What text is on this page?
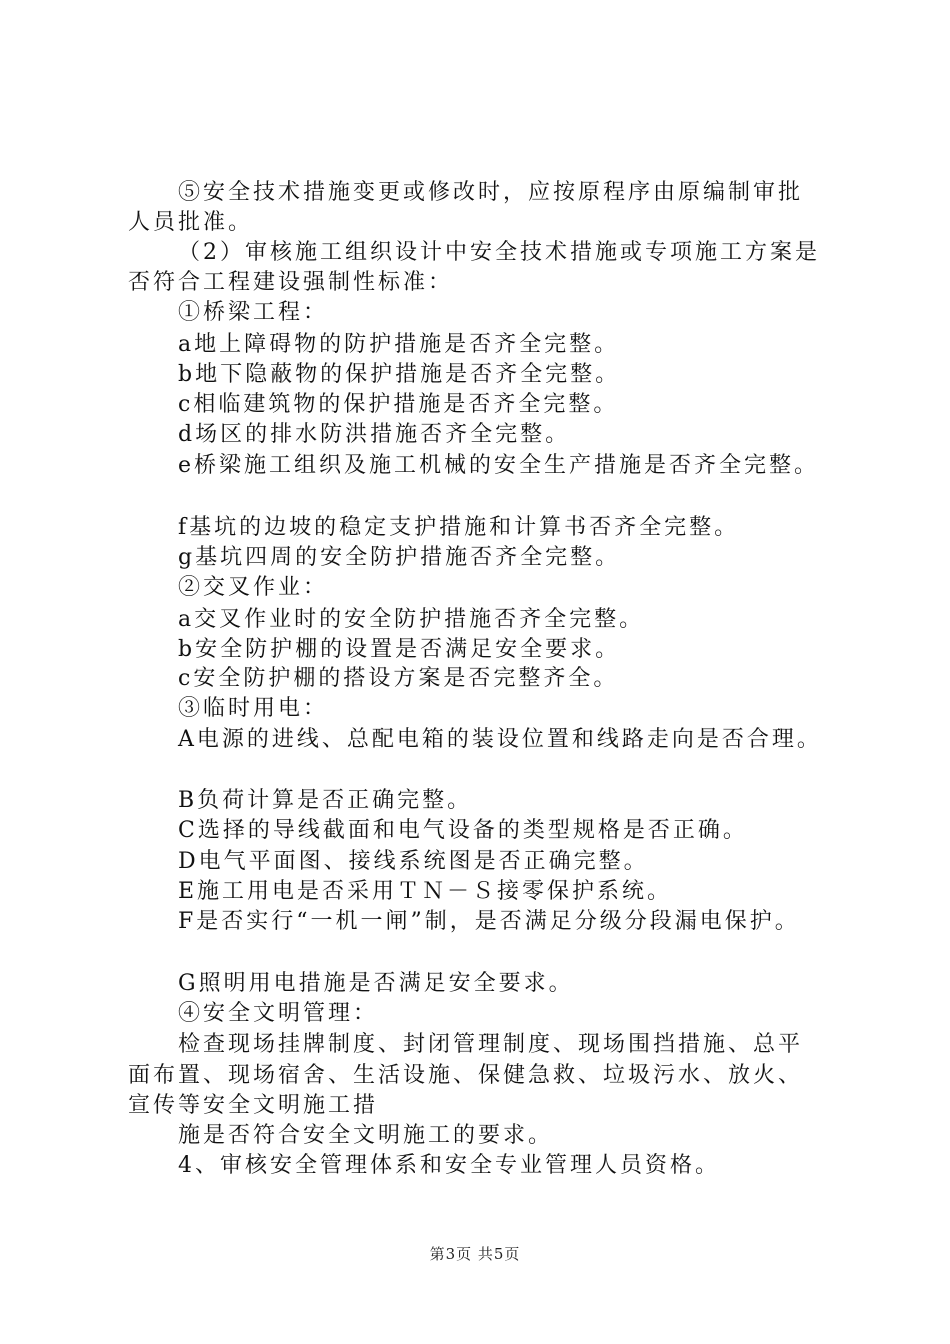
⑤安全技术措施变更或修改时，应按原程序由原编制审批
人员批准。
（2）审核施工组织设计中安全技术措施或专项施工方案是
否符合工程建设强制性标准：
①桥梁工程：
a地上障碍物的防护措施是否齐全完整。
b地下隐蔽物的保护措施是否齐全完整。
c相临建筑物的保护措施是否齐全完整。
d场区的排水防洪措施否齐全完整。
e桥梁施工组织及施工机械的安全生产措施是否齐全完整。
f基坑的边坡的稳定支护措施和计算书否齐全完整。
g基坑四周的安全防护措施否齐全完整。
②交叉作业：
a交叉作业时的安全防护措施否齐全完整。
b安全防护棚的设置是否满足安全要求。
c安全防护棚的搭设方案是否完整齐全。
③临时用电：
A电源的进线、总配电箱的装设位置和线路走向是否合理。
B负荷计算是否正确完整。
C选择的导线截面和电气设备的类型规格是否正确。
D电气平面图、接线系统图是否正确完整。
E施工用电是否采用ＴＮ－Ｓ接零保护系统。
F是否实行“一机一闸”制，是否满足分级分段漏电保护。
G照明用电措施是否满足安全要求。
④安全文明管理：
检查现场挂牌制度、封闭管理制度、现场围挡措施、总平
面布置、现场宿舍、生活设施、保健急救、垃圾污水、放火、
宣传等安全文明施工措
施是否符合安全文明施工的要求。
4、审核安全管理体系和安全专业管理人员资格。
第3页 共5页
